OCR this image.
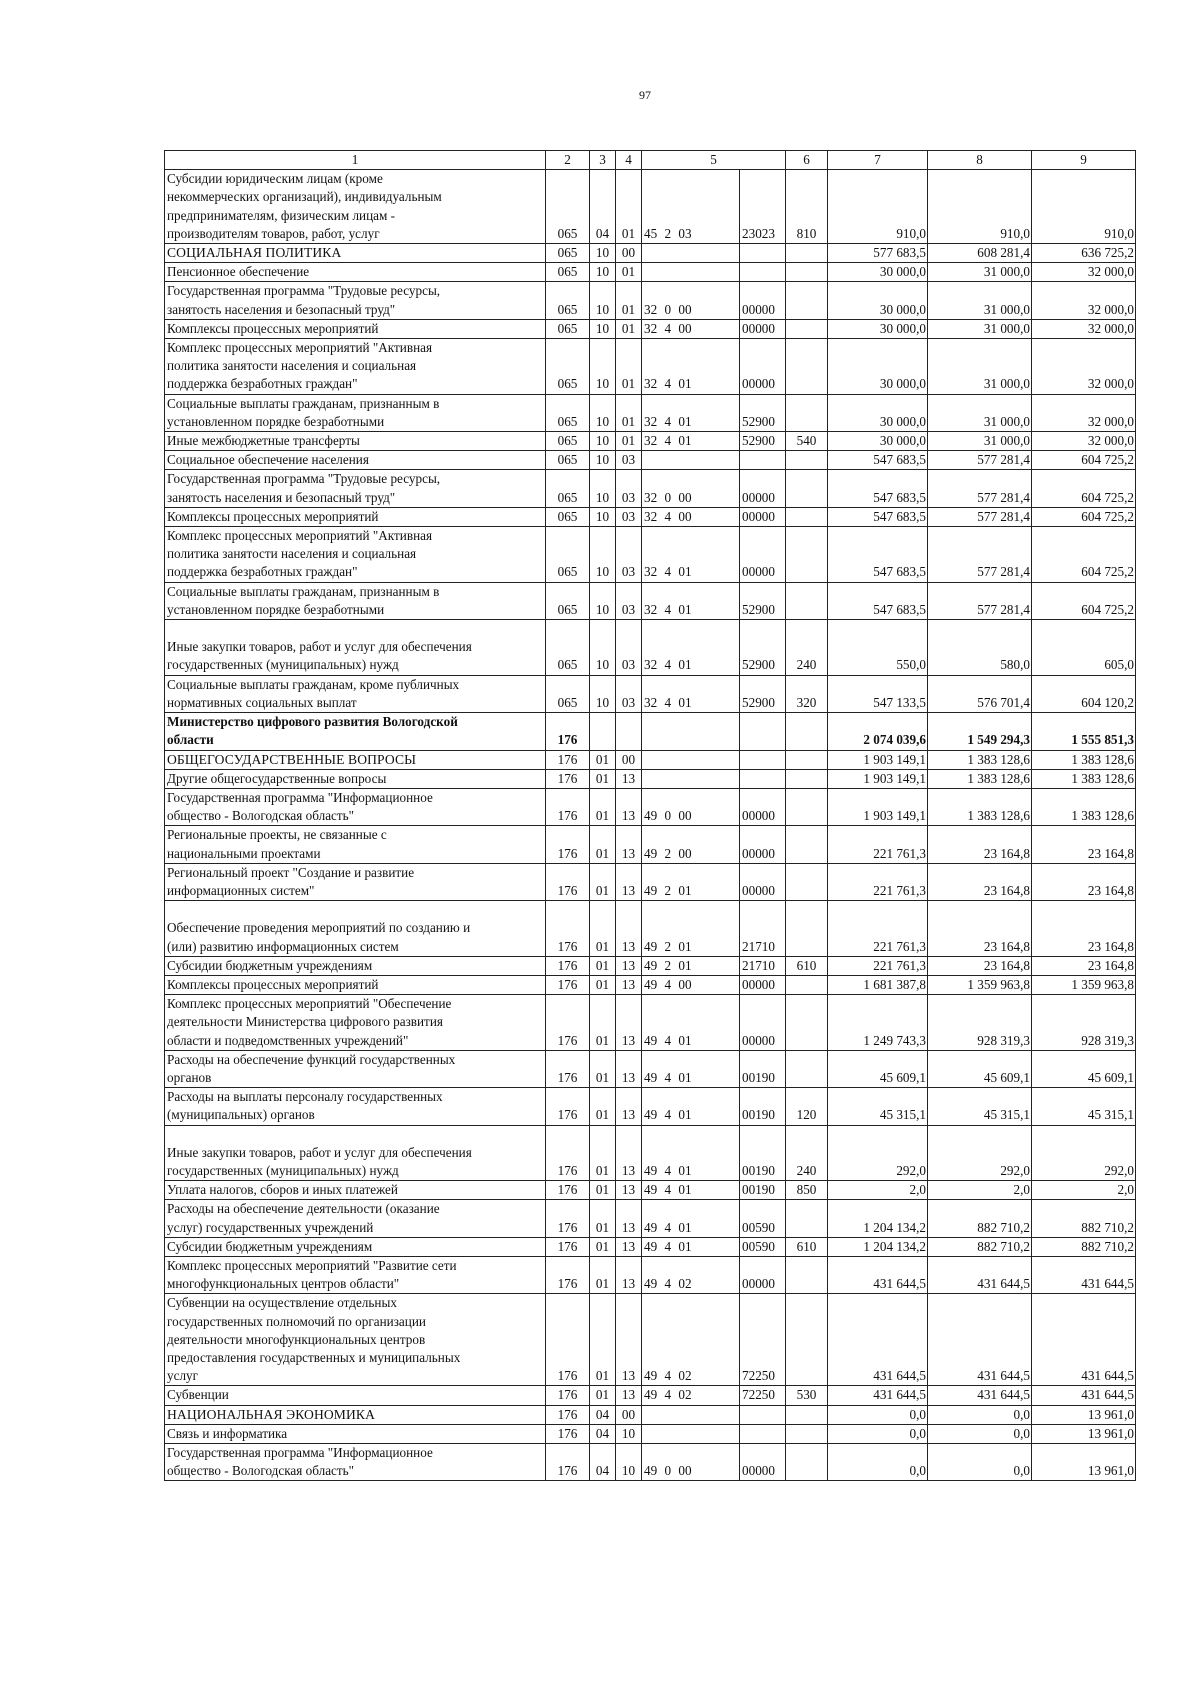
97
1	2	3	4	5		6	7	8	9
Субсидии юридическим лицам (кроме
некоммерческих организаций), индивидуальным
предпринимателям, физическим лицам -
производителям товаров, работ, услуг	065	04	01	45 2 03	23023	810	910,0	910,0	910,0
СОЦИАЛЬНАЯ ПОЛИТИКА	065	10	00				577 683,5	608 281,4	636 725,2
Пенсионное обеспечение	065	10	01				30 000,0	31 000,0	32 000,0
Государственная программа "Трудовые ресурсы,
занятость населения и безопасный труд"	065	10	01	32 0 00	00000		30 000,0	31 000,0	32 000,0
Комплексы процессных мероприятий	065	10	01	32 4 00	00000		30 000,0	31 000,0	32 000,0
Комплекс процессных мероприятий "Активная
политика занятости населения и социальная
поддержка безработных граждан"	065	10	01	32 4 01	00000		30 000,0	31 000,0	32 000,0
Социальные выплаты гражданам, признанным в
установленном порядке безработными	065	10	01	32 4 01	52900		30 000,0	31 000,0	32 000,0
Иные межбюджетные трансферты	065	10	01	32 4 01	52900	540	30 000,0	31 000,0	32 000,0
Социальное обеспечение населения	065	10	03				547 683,5	577 281,4	604 725,2
Государственная программа "Трудовые ресурсы,
занятость населения и безопасный труд"	065	10	03	32 0 00	00000		547 683,5	577 281,4	604 725,2
Комплексы процессных мероприятий	065	10	03	32 4 00	00000		547 683,5	577 281,4	604 725,2
Комплекс процессных мероприятий "Активная
политика занятости населения и социальная
поддержка безработных граждан"	065	10	03	32 4 01	00000		547 683,5	577 281,4	604 725,2
Социальные выплаты гражданам, признанным в
установленном порядке безработными	065	10	03	32 4 01	52900		547 683,5	577 281,4	604 725,2

Иные закупки товаров, работ и услуг для обеспечения
государственных (муниципальных) нужд	065	10	03	32 4 01	52900	240	550,0	580,0	605,0
Социальные выплаты гражданам, кроме публичных
нормативных социальных выплат	065	10	03	32 4 01	52900	320	547 133,5	576 701,4	604 120,2
Министерство цифрового развития Вологодской
области	176						2 074 039,6	1 549 294,3	1 555 851,3
ОБЩЕГОСУДАРСТВЕННЫЕ ВОПРОСЫ	176	01	00				1 903 149,1	1 383 128,6	1 383 128,6
Другие общегосударственные вопросы	176	01	13				1 903 149,1	1 383 128,6	1 383 128,6
Государственная программа "Информационное
общество - Вологодская область"	176	01	13	49 0 00	00000		1 903 149,1	1 383 128,6	1 383 128,6
Региональные проекты, не связанные с
национальными проектами	176	01	13	49 2 00	00000		221 761,3	23 164,8	23 164,8
Региональный проект "Создание и развитие
информационных систем"	176	01	13	49 2 01	00000		221 761,3	23 164,8	23 164,8

Обеспечение проведения мероприятий по созданию и
(или) развитию информационных систем	176	01	13	49 2 01	21710		221 761,3	23 164,8	23 164,8
Субсидии бюджетным учреждениям	176	01	13	49 2 01	21710	610	221 761,3	23 164,8	23 164,8
Комплексы процессных мероприятий	176	01	13	49 4 00	00000		1 681 387,8	1 359 963,8	1 359 963,8
Комплекс процессных мероприятий "Обеспечение
деятельности Министерства цифрового развития
области и подведомственных учреждений"	176	01	13	49 4 01	00000		1 249 743,3	928 319,3	928 319,3
Расходы на обеспечение функций государственных
органов	176	01	13	49 4 01	00190		45 609,1	45 609,1	45 609,1
Расходы на выплаты персоналу государственных
(муниципальных) органов	176	01	13	49 4 01	00190	120	45 315,1	45 315,1	45 315,1

Иные закупки товаров, работ и услуг для обеспечения
государственных (муниципальных) нужд	176	01	13	49 4 01	00190	240	292,0	292,0	292,0
Уплата налогов, сборов и иных платежей	176	01	13	49 4 01	00190	850	2,0	2,0	2,0
Расходы на обеспечение деятельности (оказание
услуг) государственных учреждений	176	01	13	49 4 01	00590		1 204 134,2	882 710,2	882 710,2
Субсидии бюджетным учреждениям	176	01	13	49 4 01	00590	610	1 204 134,2	882 710,2	882 710,2
Комплекс процессных мероприятий "Развитие сети
многофункциональных центров области"	176	01	13	49 4 02	00000		431 644,5	431 644,5	431 644,5
Субвенции на осуществление отдельных
государственных полномочий по организации
деятельности многофункциональных центров
предоставления государственных и муниципальных
услуг	176	01	13	49 4 02	72250		431 644,5	431 644,5	431 644,5
Субвенции	176	01	13	49 4 02	72250	530	431 644,5	431 644,5	431 644,5
НАЦИОНАЛЬНАЯ ЭКОНОМИКА	176	04	00				0,0	0,0	13 961,0
Связь и информатика	176	04	10				0,0	0,0	13 961,0
Государственная программа "Информационное
общество - Вологодская область"	176	04	10	49 0 00	00000		0,0	0,0	13 961,0
